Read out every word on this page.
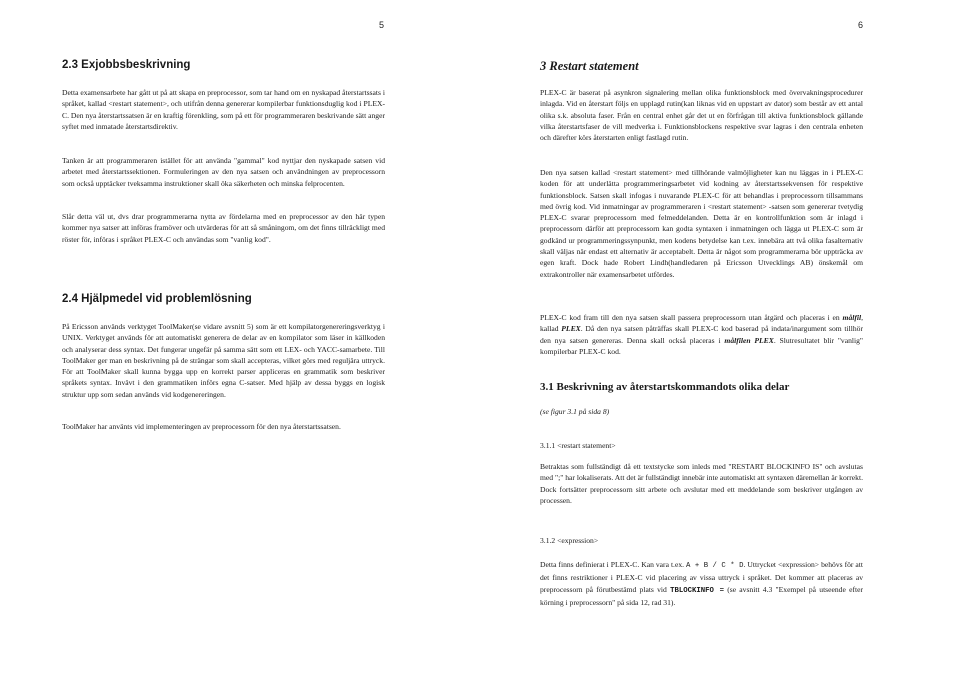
5
2.3 Exjobbsbeskrivning

Detta examensarbete har gått ut på att skapa en preprocessor, som tar hand om en nyskapad återstartssats i språket, kallad <restart statement>, och utifrån denna genererar kompilerbar funktionsduglig kod i PLEX-C. Den nya återstartssatsen är en kraftig förenkling, som på ett för programmeraren beskrivande sätt anger syftet med inmatade återstartsdirektiv.

Tanken är att programmeraren istället för att använda "gammal" kod nyttjar den nyskapade satsen vid arbetet med återstartssektionen. Formuleringen av den nya satsen och användningen av preprocessorn som också upptäcker tveksamma instruktioner skall öka säkerheten och minska felprocenten.

Slår detta väl ut, dvs drar programmerarna nytta av fördelarna med en preprocessor av den här typen kommer nya satser att införas framöver och utvärderas för att så småningom, om det finns tillräckligt med röster för, införas i språket PLEX-C och användas som "vanlig kod".

2.4 Hjälpmedel vid problemlösning

På Ericsson används verktyget ToolMaker(se vidare avsnitt 5) som är ett kompilatorgenereringsverktyg i UNIX. Verktyget används för att automatiskt generera de delar av en kompilator som läser in källkoden och analyserar dess syntax. Det fungerar ungefär på samma sätt som ett LEX- och YACC-samarbete. Till ToolMaker ger man en beskrivning på de strängar som skall accepteras, vilket görs med reguljära uttryck. För att ToolMaker skall kunna bygga upp en korrekt parser appliceras en grammatik som beskriver språkets syntax. Invävt i den grammatiken införs egna C-satser. Med hjälp av dessa byggs en logisk struktur upp som sedan används vid kodgenereringen.

ToolMaker har använts vid implementeringen av preprocessorn för den nya återstartssatsen.

6
3 Restart statement

PLEX-C är baserat på asynkron signalering mellan olika funktionsblock med övervakningsprocedurer inlagda. Vid en återstart följs en upplagd rutin(kan liknas vid en uppstart av dator) som består av ett antal olika s.k. absoluta faser. Från en central enhet går det ut en förfrågan till aktiva funktionsblock gällande vilka återstartsfaser de vill medverka i. Funktionsblockens respektive svar lagras i den centrala enheten och därefter körs återstarten enligt fastlagd rutin.

Den nya satsen kallad <restart statement> med tillhörande valmöjligheter kan nu läggas in i PLEX-C koden för att underlätta programmeringsarbetet vid kodning av återstartssekvensen för respektive funktionsblock. Satsen skall infogas i nuvarande PLEX-C för att behandlas i preprocessorn tillsammans med övrig kod. Vid inmatningar av programmeraren i <restart statement> -satsen som genererar tvetydig PLEX-C svarar preprocessorn med felmeddelanden. Detta är en kontrollfunktion som är inlagd i preprocessorn därför att preprocessorn kan godta syntaxen i inmatningen och lägga ut PLEX-C som är godkänd ur programmeringssynpunkt, men kodens betydelse kan t.ex. innebära att två olika fasalternativ skall väljas när endast ett alternativ är acceptabelt. Detta är något som programmerarna bör uppträcka av egen kraft. Dock hade Robert Lindh(handledaren på Ericsson Utvecklings AB) önskemål om extrakontroller när examensarbetet utfördes.

PLEX-C kod fram till den nya satsen skall passera preprocessorn utan åtgärd och placeras i en målfil, kallad PLEX. Då den nya satsen påträffas skall PLEX-C kod baserad på indata/inargument som tillhör den nya satsen genereras. Denna skall också placeras i målfilen PLEX. Slutresultatet blir "vanlig" kompilerbar PLEX-C kod.

3.1 Beskrivning av återstartskommandots olika delar

(se figur 3.1 på sida 8)

3.1.1 <restart statement>

Betraktas som fullständigt då ett textstycke som inleds med "RESTART BLOCKINFO IS" och avslutas med ";" har lokaliserats. Att det är fullständigt innebär inte automatiskt att syntaxen däremellan är korrekt. Dock fortsätter preprocessorn sitt arbete och avslutar med ett meddelande som beskriver utgången av processen.

3.1.2 <expression>

Detta finns definierat i PLEX-C. Kan vara t.ex. A + B / C * D. Uttrycket <expression> behövs för att det finns restriktioner i PLEX-C vid placering av vissa uttryck i språket. Det kommer att placeras av preprocessorn på förutbestämd plats vid TBLOCKINFO = (se avsnitt 4.3 "Exempel på utseende efter körning i preprocessorn" på sida 12, rad 31).
